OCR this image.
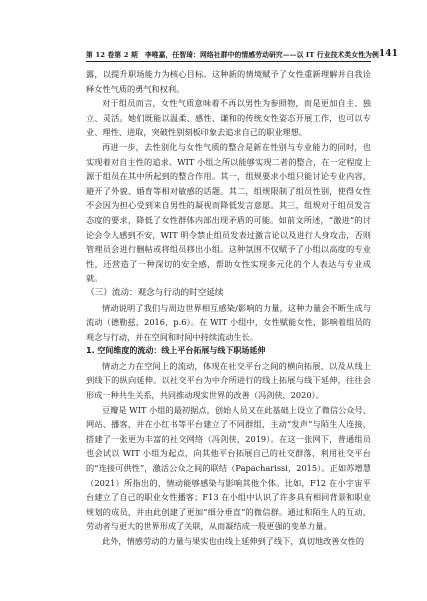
第 12 卷第 2 期　李唯嘉，任智琦：网络社群中的情感劳动研究——以 IT 行业技术类女性为例 141

露，以提升职场能力为核心目标。这种新的情境赋予了女性重新理解并自我诠释女性气质的勇气和权利。

对于组员而言，女性气质意味着不再以男性为参照物，而是更加自主、独立、灵活。她们既能以温柔、感性、谦和的传统女性姿态开展工作，也可以专业、理性、进取，突破性别刻板印象去追求自己的职业理想。

再进一步，去性别化与女性气质的整合是新在性别与专业能力的同时，也实现着对自主性的追求。WIT 小组之所以能够实现二者的整合，在一定程度上源于组员在其中所起到的整合作用。其一，组规要求小组只能讨论专业内容，避开了外貌、婚育等相对敏感的话题。其二，组规限制了组员性别，使得女性不会因为担心受到来自男性的凝视而降低发言意愿。其三，组规对于组员发言态度的要求，降低了女性群体内部出现矛盾的可能。如前文所述，“激进”的讨论会令人感到不安，WIT 明令禁止组员发表过激言论以及进行人身攻击，否则管理员会进行删帖或将组员移出小组。这种氛围不仅赋予了小组以高度的专业性，还营造了一种深切的安全感，帮助女性实现多元化的个人表达与专业成就。

（三）流动：观念与行动的时空延续

情动说明了我们与周边世界相互感染/影响的力量，这种力量会不断生成与流动（德勒兹，2016，p.6）。在 WIT 小组中，女性赋能女性，影响着组员的观念与行动，并在空间和时间中持续流动生长。

1. 空间维度的流动：线上平台拓展与线下职场延伸

情动之力在空间上的流动，体现在社交平台之间的横向拓展，以及从线上到线下的纵向延伸。以社交平台为中介所进行的线上拓展与线下延伸，往往会形成一种共生关系，共同推动现实世界的改善（冯剑侠，2020）。

豆瓣是 WIT 小组的最初据点，创始人员又在此基础上设立了微信公众号、网站、播客，并在小红书等平台建立了不同群组，主动“发声”与陌生人连接，搭建了一张更为丰富的社交网络（冯剑侠，2019）。在这一张网下，普通组员也会试以 WIT 小组为起点，向其他平台拓展自己的社交群落，利用社交平台的“连接可供性”，激活公众之间的联结（Papacharissi，2015）。正如苏增慧（2021）所指出的，情动能够感染与影响其他个体。比如，F12 在小宇宙平台建立了自己的职业女性播客；F13 在小组中认识了许多具有相同背景和职业规划的成员，并由此创建了更加“细分垂直”的微信群。通过和陌生人的互动，劳动者与更大的世界形成了关联，从而凝结成一股更强的变革力量。

此外，情感劳动的力量与果实也由线上延伸到了线下，真切地改善女性的
